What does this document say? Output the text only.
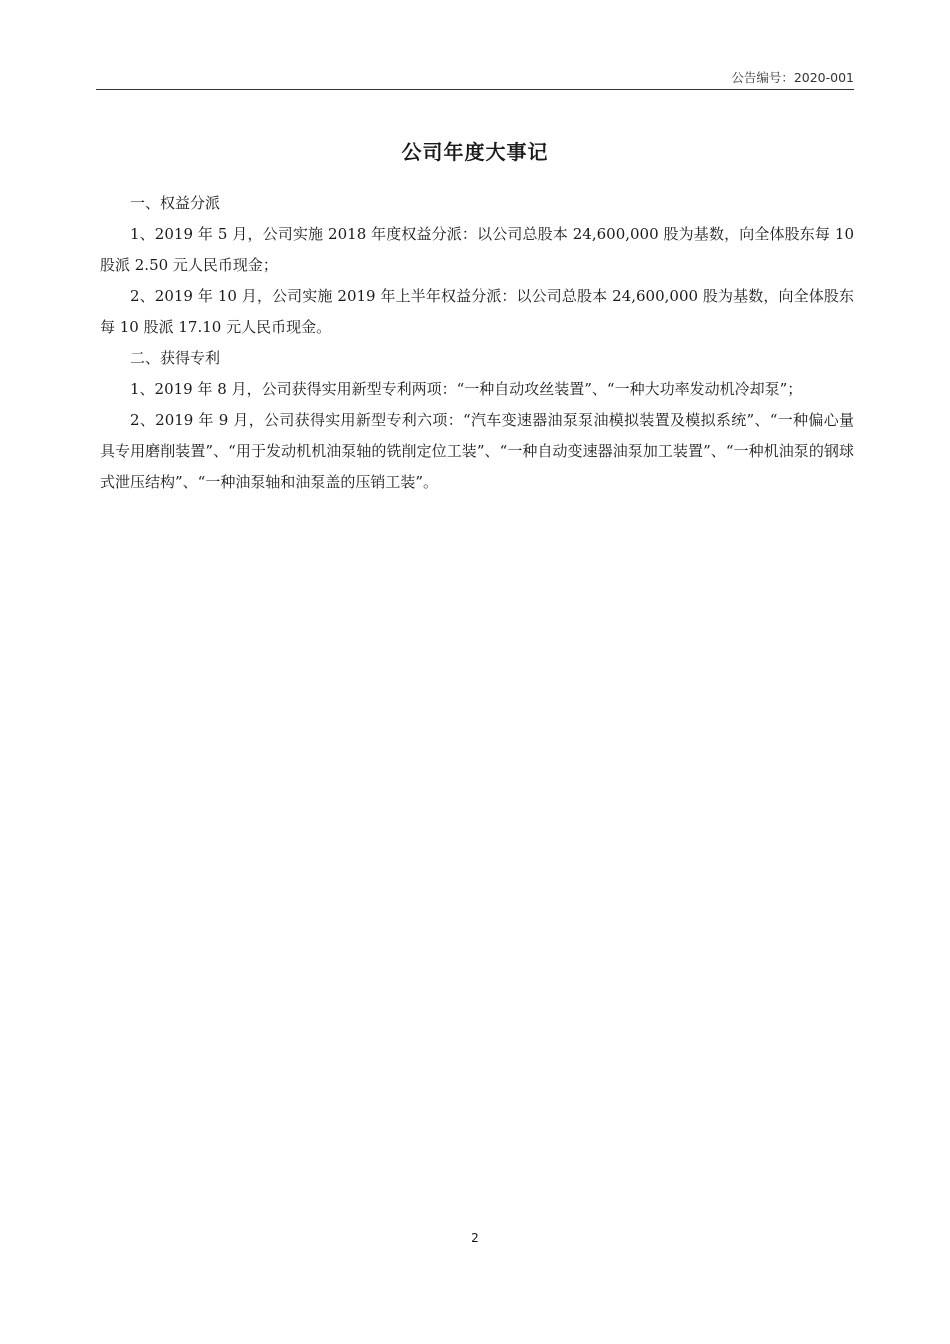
公告编号：2020-001
公司年度大事记

一、权益分派

1、2019 年 5 月，公司实施 2018 年度权益分派：以公司总股本 24,600,000 股为基数，向全体股东每 10 股派 2.50 元人民币现金；

2、2019 年 10 月，公司实施 2019 年上半年权益分派：以公司总股本 24,600,000 股为基数，向全体股东每 10 股派 17.10 元人民币现金。

二、获得专利

1、2019 年 8 月，公司获得实用新型专利两项：“一种自动攻丝装置”、“一种大功率发动机冷却泵”；

2、2019 年 9 月，公司获得实用新型专利六项：“汽车变速器油泵泵油模拟装置及模拟系统”、“一种偏心量具专用磨削装置”、“用于发动机机油泵轴的铣削定位工装”、“一种自动变速器油泵加工装置”、“一种机油泵的钢球式泄压结构”、“一种油泵轴和油泵盖的压销工装”。

2
